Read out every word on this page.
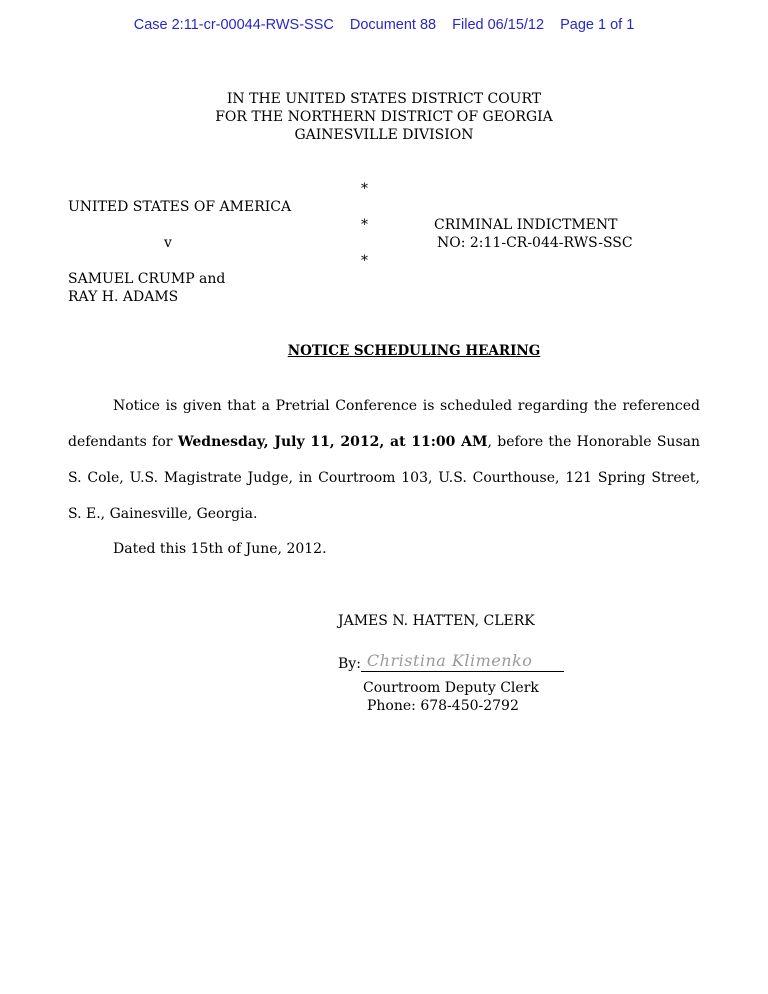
Case 2:11-cr-00044-RWS-SSC Document 88 Filed 06/15/12 Page 1 of 1
IN THE UNITED STATES DISTRICT COURT
FOR THE NORTHERN DISTRICT OF GEORGIA
GAINESVILLE DIVISION
*
UNITED STATES OF AMERICA
*	CRIMINAL INDICTMENT
v	NO: 2:11-CR-044-RWS-SSC
*
SAMUEL CRUMP and
RAY H. ADAMS
NOTICE SCHEDULING HEARING
Notice is given that a Pretrial Conference is scheduled regarding the referenced defendants for Wednesday, July 11, 2012, at 11:00 AM, before the Honorable Susan S. Cole, U.S. Magistrate Judge, in Courtroom 103, U.S. Courthouse, 121 Spring Street, S. E., Gainesville, Georgia.
Dated this 15th of June, 2012.
JAMES N. HATTEN, CLERK
By: Christina Klimenko
Courtroom Deputy Clerk
Phone: 678-450-2792
